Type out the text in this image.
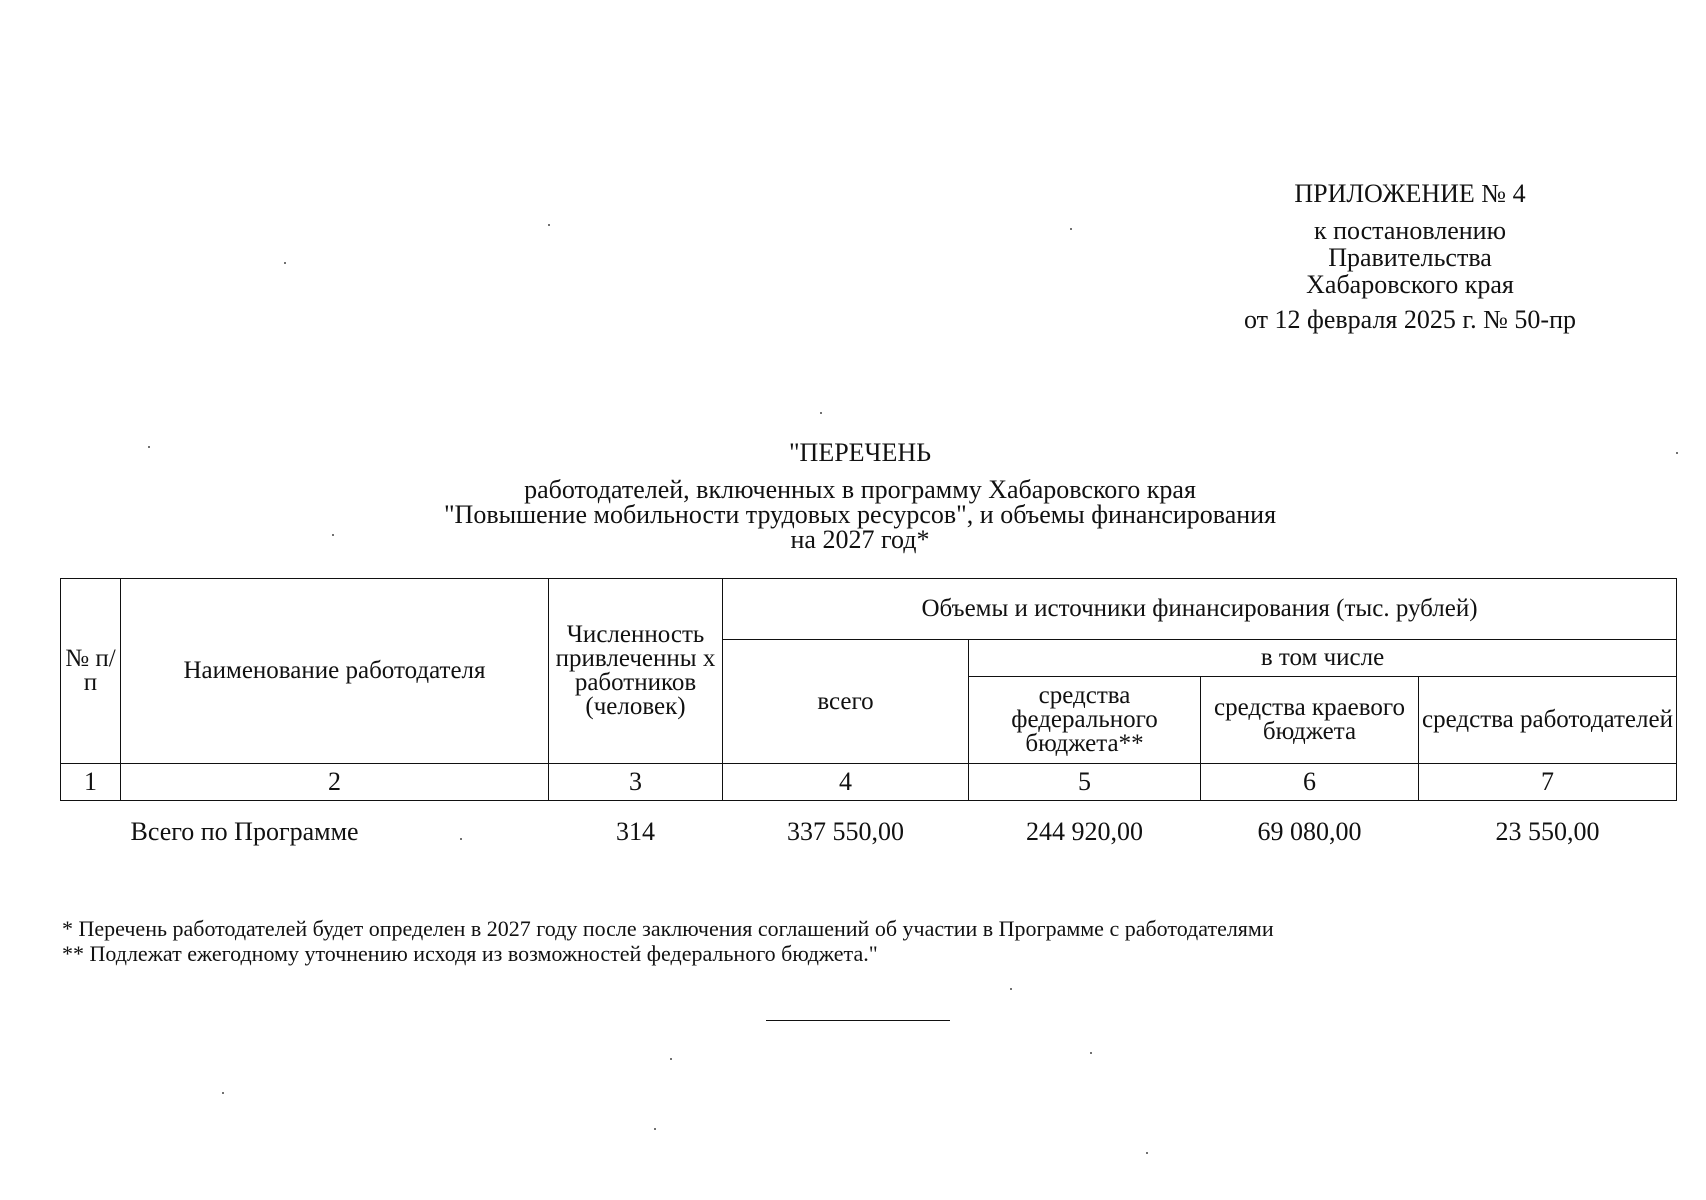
ПРИЛОЖЕНИЕ № 4
к постановлению
Правительства
Хабаровского края
от 12 февраля 2025 г. № 50-пр
"ПЕРЕЧЕНЬ
работодателей, включенных в программу Хабаровского края
"Повышение мобильности трудовых ресурсов", и объемы финансирования
на 2027 год*
№ п/п	Наименование работодателя	Численность привлеченны х работников (человек)	Объемы и источники финансирования (тыс. рублей)			
			всего	в том числе		
				средства федерального бюджета**	средства краевого бюджета	средства работодателей
1	2	3	4	5	6	7
Всего по Программе		314	337 550,00	244 920,00	69 080,00	23 550,00
* Перечень работодателей будет определен в 2027 году после заключения соглашений об участии в Программе с работодателями
** Подлежат ежегодному уточнению исходя из возможностей федерального бюджета."
